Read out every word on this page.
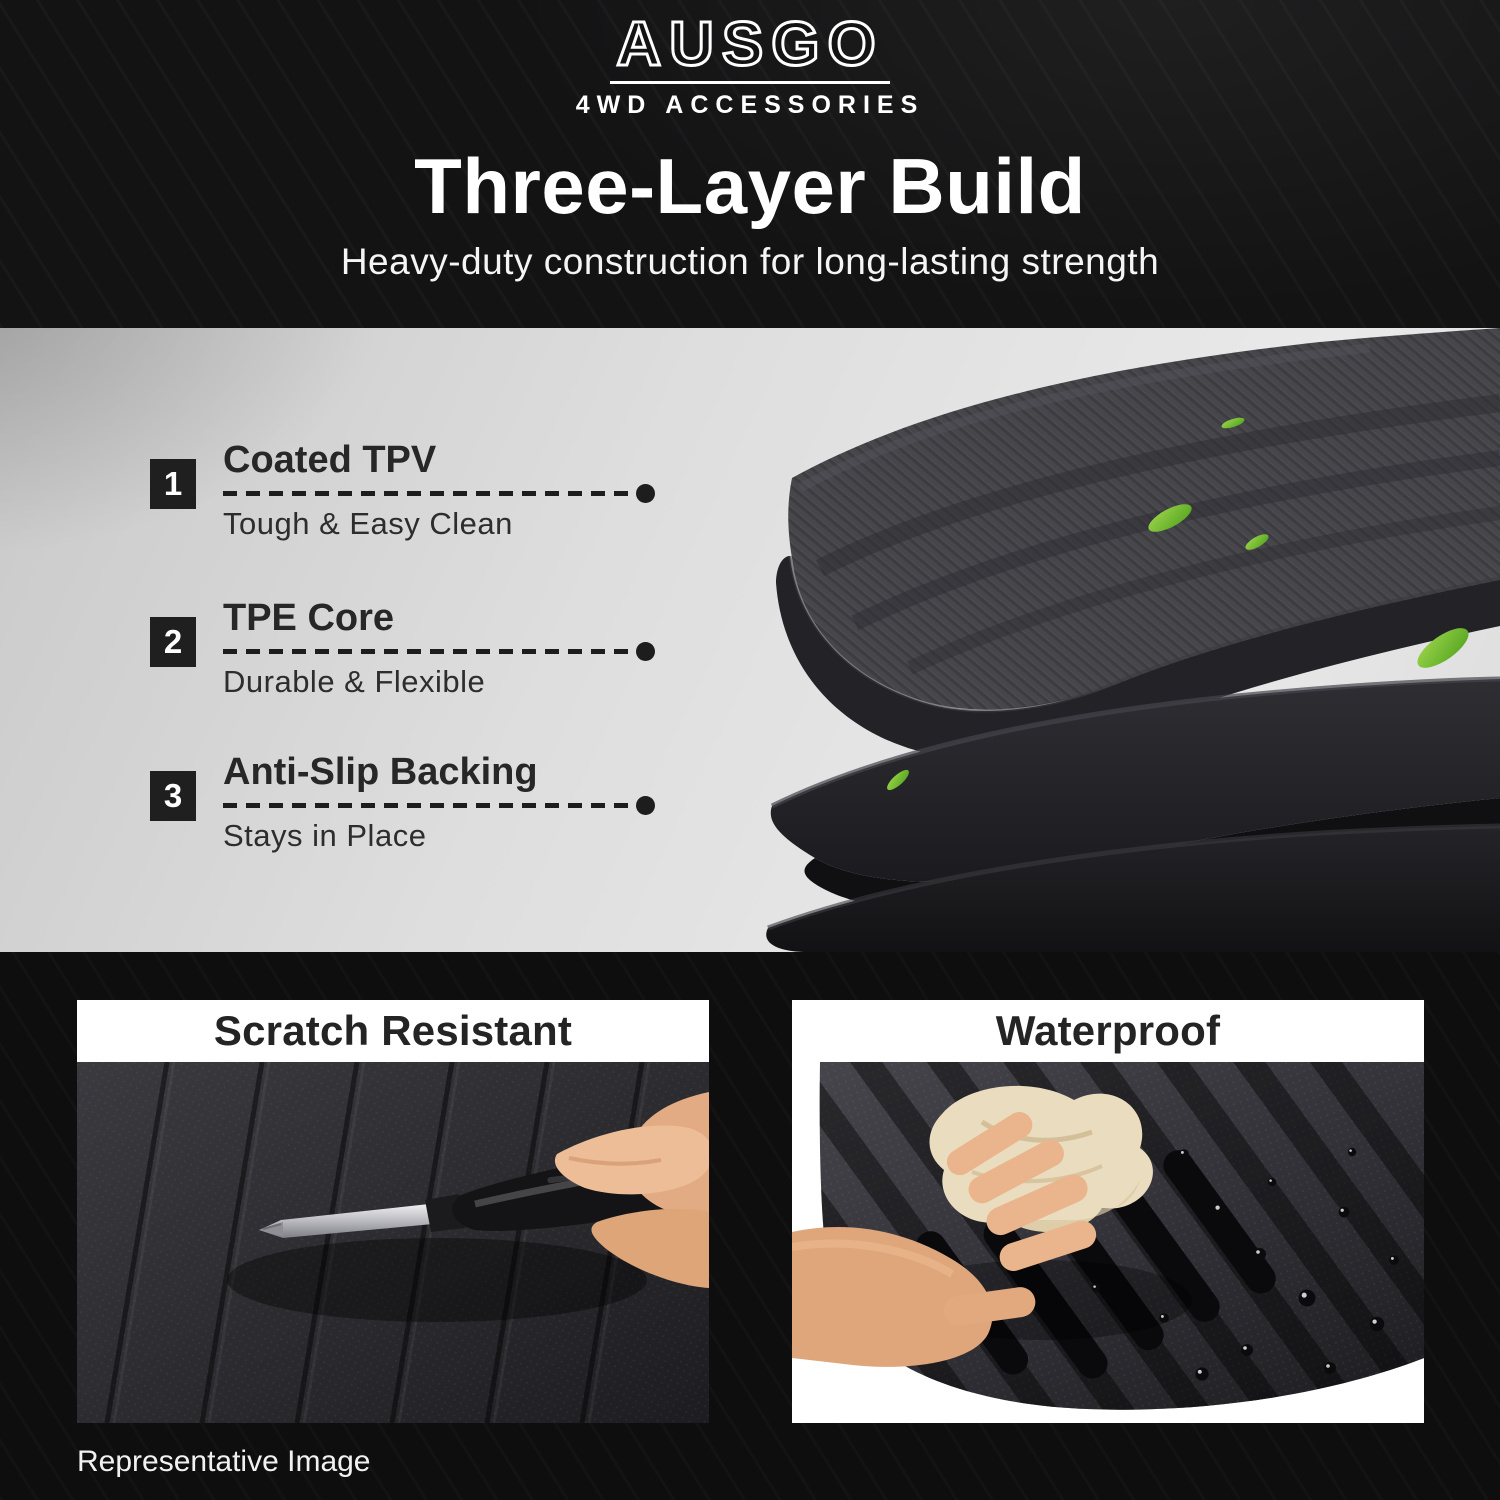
AUSGO
4WD ACCESSORIES
Three-Layer Build
Heavy-duty construction for long-lasting strength
1
Coated TPV
Tough & Easy Clean
2
TPE Core
Durable & Flexible
3
Anti-Slip Backing
Stays in Place
Scratch Resistant	Waterproof
Representative Image
